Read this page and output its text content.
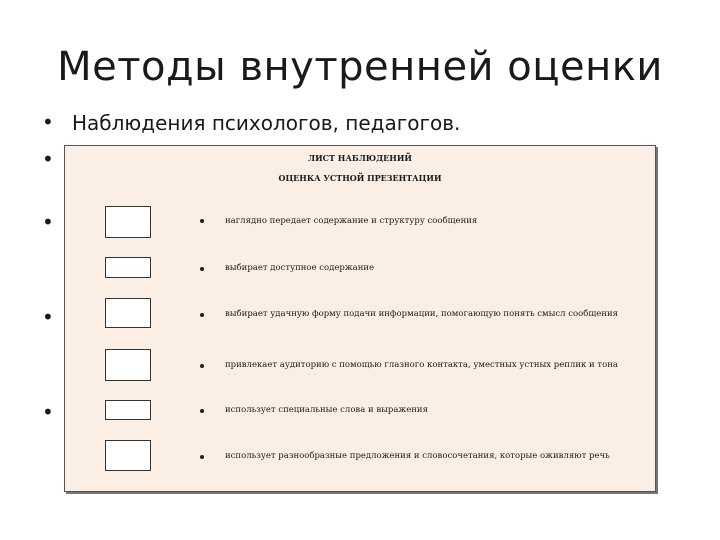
Методы внутренней оценки
• Наблюдения психологов, педагогов.
•
•
•
•
ЛИСТ НАБЛЮДЕНИЙ
ОЦЕНКА УСТНОЙ ПРЕЗЕНТАЦИИ
наглядно передает содержание и структуру сообщения
выбирает доступное содержание
выбирает удачную форму подачи информации, помогающую понять смысл сообщения
привлекает аудиторию с помощью глазного контакта, уместных устных реплик и тона
использует специальные слова и выражения
использует разнообразные предложения и словосочетания, которые оживляют речь
